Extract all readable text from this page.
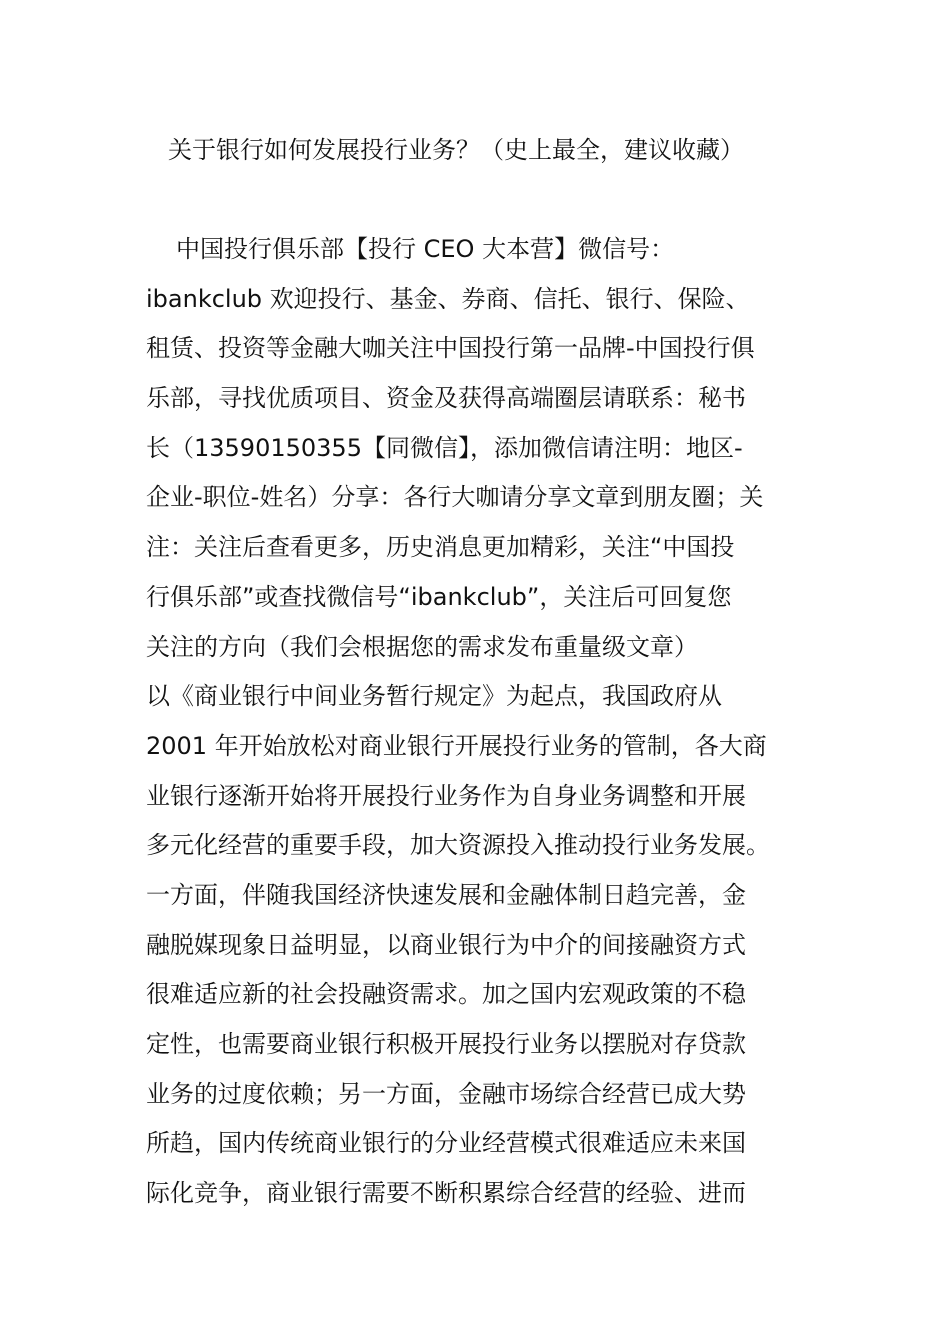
关于银行如何发展投行业务？（史上最全，建议收藏）
中国投行俱乐部【投行 CEO 大本营】微信号：
ibankclub 欢迎投行、基金、券商、信托、银行、保险、
租赁、投资等金融大咖关注中国投行第一品牌-中国投行俱
乐部，寻找优质项目、资金及获得高端圈层请联系：秘书
长（13590150355【同微信】，添加微信请注明：地区-
企业-职位-姓名）分享：各行大咖请分享文章到朋友圈；关
注：关注后查看更多，历史消息更加精彩，关注“中国投
行俱乐部”或查找微信号“ibankclub”，关注后可回复您
关注的方向（我们会根据您的需求发布重量级文章）
以《商业银行中间业务暂行规定》为起点，我国政府从
2001 年开始放松对商业银行开展投行业务的管制，各大商
业银行逐渐开始将开展投行业务作为自身业务调整和开展
多元化经营的重要手段，加大资源投入推动投行业务发展。
一方面，伴随我国经济快速发展和金融体制日趋完善，金
融脱媒现象日益明显，以商业银行为中介的间接融资方式
很难适应新的社会投融资需求。加之国内宏观政策的不稳
定性，也需要商业银行积极开展投行业务以摆脱对存贷款
业务的过度依赖；另一方面，金融市场综合经营已成大势
所趋，国内传统商业银行的分业经营模式很难适应未来国
际化竞争，商业银行需要不断积累综合经营的经验、进而
